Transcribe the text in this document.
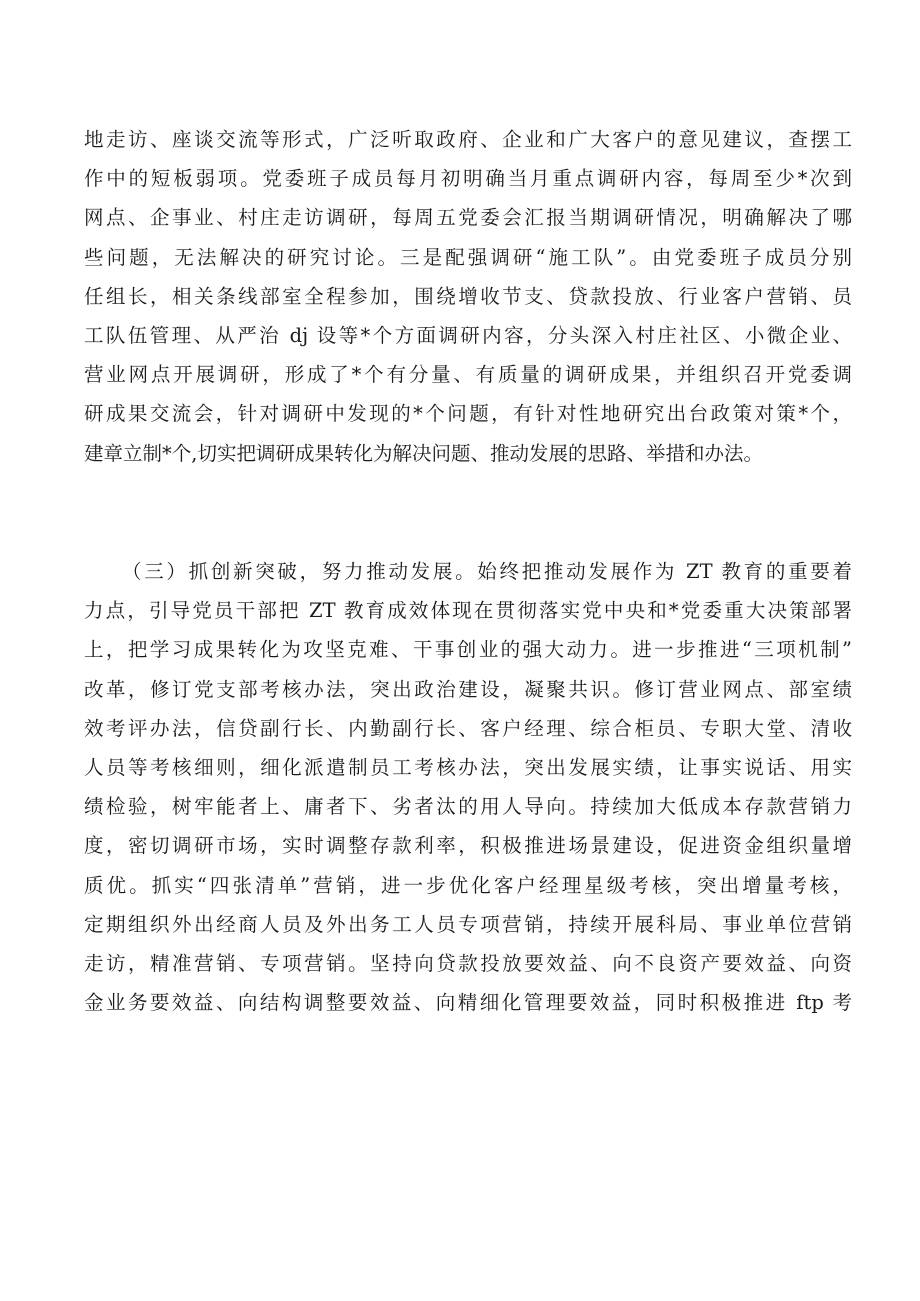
地走访、座谈交流等形式，广泛听取政府、企业和广大客户的意见建议，查摆工
作中的短板弱项。党委班子成员每月初明确当月重点调研内容，每周至少*次到
网点、企事业、村庄走访调研，每周五党委会汇报当期调研情况，明确解决了哪
些问题，无法解决的研究讨论。三是配强调研“施工队”。由党委班子成员分别
任组长，相关条线部室全程参加，围绕增收节支、贷款投放、行业客户营销、员
工队伍管理、从严治 dj 设等*个方面调研内容，分头深入村庄社区、小微企业、
营业网点开展调研，形成了*个有分量、有质量的调研成果，并组织召开党委调
研成果交流会，针对调研中发现的*个问题，有针对性地研究出台政策对策*个，
建章立制*个,切实把调研成果转化为解决问题、推动发展的思路、举措和办法。
（三）抓创新突破，努力推动发展。始终把推动发展作为 ZT 教育的重要着
力点，引导党员干部把 ZT 教育成效体现在贯彻落实党中央和*党委重大决策部署
上，把学习成果转化为攻坚克难、干事创业的强大动力。进一步推进“三项机制”
改革，修订党支部考核办法，突出政治建设，凝聚共识。修订营业网点、部室绩
效考评办法，信贷副行长、内勤副行长、客户经理、综合柜员、专职大堂、清收
人员等考核细则，细化派遣制员工考核办法，突出发展实绩，让事实说话、用实
绩检验，树牢能者上、庸者下、劣者汰的用人导向。持续加大低成本存款营销力
度，密切调研市场，实时调整存款利率，积极推进场景建设，促进资金组织量增
质优。抓实“四张清单”营销，进一步优化客户经理星级考核，突出增量考核，
定期组织外出经商人员及外出务工人员专项营销，持续开展科局、事业单位营销
走访，精准营销、专项营销。坚持向贷款投放要效益、向不良资产要效益、向资
金业务要效益、向结构调整要效益、向精细化管理要效益，同时积极推进 ftp 考
